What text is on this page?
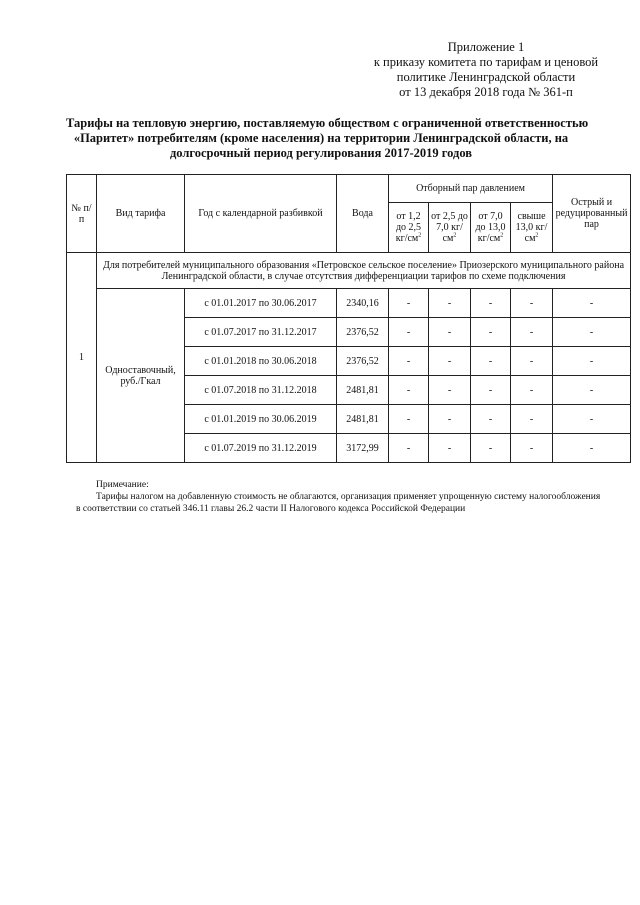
Приложение 1
к приказу комитета по тарифам и ценовой
политике Ленинградской области
от 13 декабря 2018 года № 361-п
Тарифы на тепловую энергию, поставляемую обществом с ограниченной ответственностью
«Паритет» потребителям (кроме населения) на территории Ленинградской области, на
долгосрочный период регулирования 2017-2019 годов
№ п/п	Вид тарифа	Год с календарной разбивкой	Вода	Отборный пар давлением				Острый и редуцированный пар
				от 1,2 до 2,5 $кг/см^2$	от 2,5 до 7,0 $кг/см^2$	от 7,0 до 13,0 $кг/см^2$	свыше 13,0 $кг/см^2$
1	Для потребителей муниципального образования «Петровское сельское поселение» Приозерского муниципального района Ленинградской области, в случае отсутствия дифференциации тарифов по схеме подключения							
	Одноставочный, руб./Гкал	с 01.01.2017 по 30.06.2017	2340,16	-	-	-	-	-
		с 01.07.2017 по 31.12.2017	2376,52	-	-	-	-	-
		с 01.01.2018 по 30.06.2018	2376,52	-	-	-	-	-
		с 01.07.2018 по 31.12.2018	2481,81	-	-	-	-	-
		с 01.01.2019 по 30.06.2019	2481,81	-	-	-	-	-
		с 01.07.2019 по 31.12.2019	3172,99	-	-	-	-	-
Примечание:
Тарифы налогом на добавленную стоимость не облагаются, организация применяет упрощенную систему налогообложения
в соответствии со статьей 346.11 главы 26.2 части II Налогового кодекса Российской Федерации
